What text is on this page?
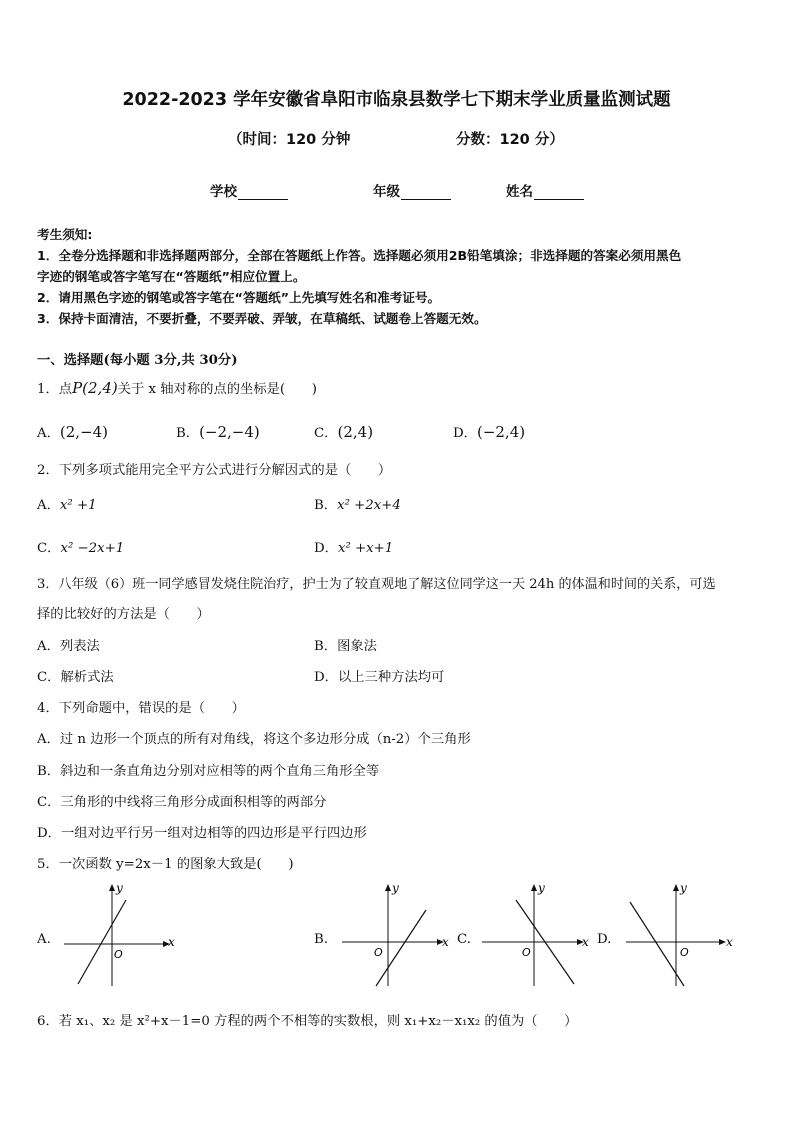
2022-2023 学年安徽省阜阳市临泉县数学七下期末学业质量监测试题
（时间：120 分钟	分数：120 分）
学校	年级	姓名
考生须知:
1．全卷分选择题和非选择题两部分，全部在答题纸上作答。选择题必须用2B铅笔填涂；非选择题的答案必须用黑色
字迹的钢笔或答字笔写在“答题纸”相应位置上。
2．请用黑色字迹的钢笔或答字笔在“答题纸”上先填写姓名和准考证号。
3．保持卡面清洁，不要折叠，不要弄破、弄皱，在草稿纸、试题卷上答题无效。
一、选择题(每小题 3分,共 30分)
1．点P(2,4)关于 x 轴对称的点的坐标是(　　)
A．(2,−4)	B．(−2,−4)	C．(2,4)	D．(−2,4)
2．下列多项式能用完全平方公式进行分解因式的是（　　）
A．x² +1	B．x² +2x+4
C．x² −2x+1	D．x² +x+1
3．八年级（6）班一同学感冒发烧住院治疗，护士为了较直观地了解这位同学这一天 24h 的体温和时间的关系，可选
择的比较好的方法是（　　）
A．列表法	B．图象法
C．解析式法	D．以上三种方法均可
4．下列命题中，错误的是（　　）
A．过 n 边形一个顶点的所有对角线，将这个多边形分成（n-2）个三角形
B．斜边和一条直角边分别对应相等的两个直角三角形全等
C．三角形的中线将三角形分成面积相等的两部分
D．一组对边平行另一组对边相等的四边形是平行四边形
5．一次函数 y=2x－1 的图象大致是(　　)
A.	B.	C.	D.
x
y
O
x
y
O
x
y
O
x
y
O
6．若 x₁、x₂ 是 x²+x－1=0 方程的两个不相等的实数根，则 x₁+x₂－x₁x₂ 的值为（　　）
